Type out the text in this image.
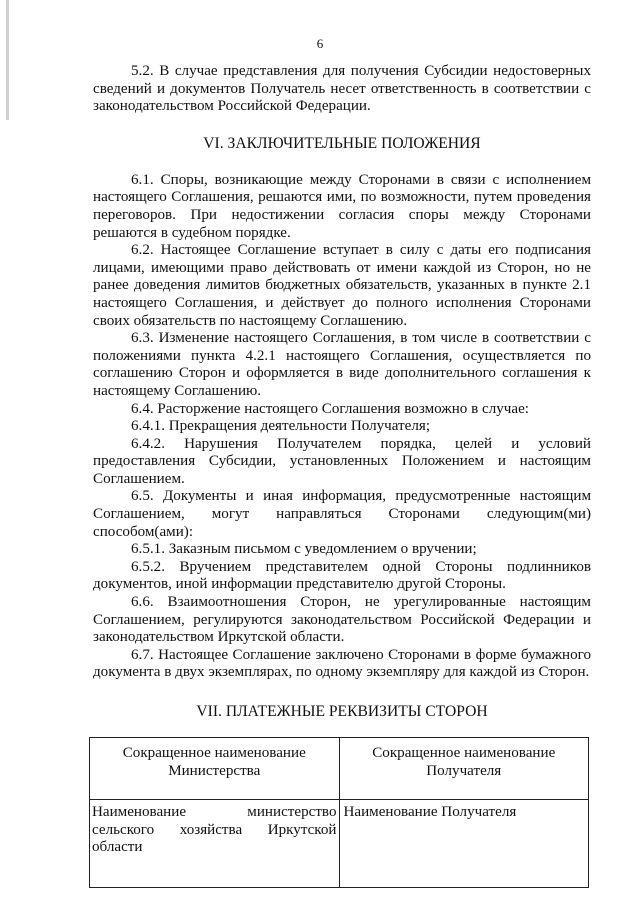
6

5.2. В случае представления для получения Субсидии недостоверных сведений и документов Получатель несет ответственность в соответствии с законодательством Российской Федерации.

VI. ЗАКЛЮЧИТЕЛЬНЫЕ ПОЛОЖЕНИЯ

6.1. Споры, возникающие между Сторонами в связи с исполнением настоящего Соглашения, решаются ими, по возможности, путем проведения переговоров. При недостижении согласия споры между Сторонами решаются в судебном порядке.

6.2. Настоящее Соглашение вступает в силу с даты его подписания лицами, имеющими право действовать от имени каждой из Сторон, но не ранее доведения лимитов бюджетных обязательств, указанных в пункте 2.1 настоящего Соглашения, и действует до полного исполнения Сторонами своих обязательств по настоящему Соглашению.

6.3. Изменение настоящего Соглашения, в том числе в соответствии с положениями пункта 4.2.1 настоящего Соглашения, осуществляется по соглашению Сторон и оформляется в виде дополнительного соглашения к настоящему Соглашению.

6.4. Расторжение настоящего Соглашения возможно в случае:

6.4.1. Прекращения деятельности Получателя;

6.4.2. Нарушения Получателем порядка, целей и условий предоставления Субсидии, установленных Положением и настоящим Соглашением.

6.5. Документы и иная информация, предусмотренные настоящим Соглашением, могут направляться Сторонами следующим(ми) способом(ами):

6.5.1. Заказным письмом с уведомлением о вручении;

6.5.2. Вручением представителем одной Стороны подлинников документов, иной информации представителю другой Стороны.

6.6. Взаимоотношения Сторон, не урегулированные настоящим Соглашением, регулируются законодательством Российской Федерации и законодательством Иркутской области.

6.7. Настоящее Соглашение заключено Сторонами в форме бумажного документа в двух экземплярах, по одному экземпляру для каждой из Сторон.

VII. ПЛАТЕЖНЫЕ РЕКВИЗИТЫ СТОРОН

Сокращенное наименование Министерства	Сокращенное наименование Получателя
Наименование министерство сельского хозяйства Иркутской области	Наименование Получателя
